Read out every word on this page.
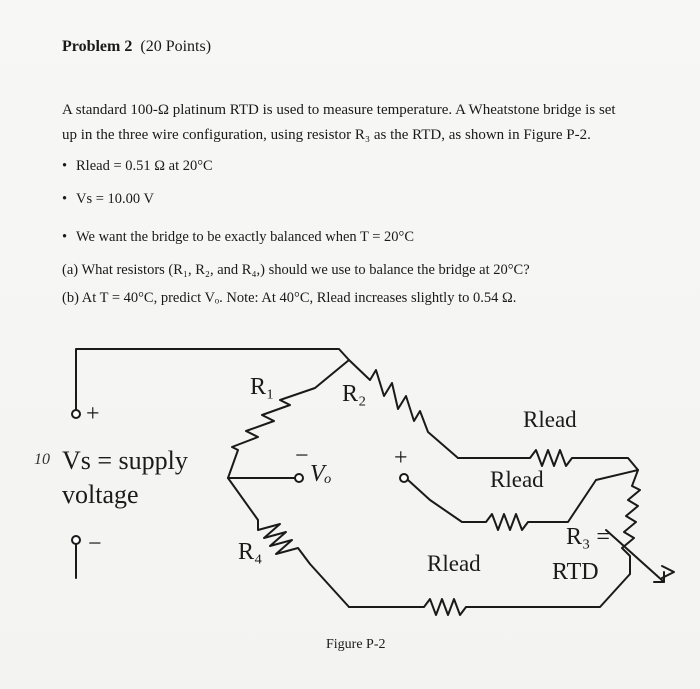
Problem 2 (20 Points)
A standard 100-Ω platinum RTD is used to measure temperature. A Wheatstone bridge is set
up in the three wire configuration, using resistor R₃ as the RTD, as shown in Figure P-2.
• Rlead = 0.51 Ω at 20°C
• Vs = 10.00 V
• We want the bridge to be exactly balanced when T = 20°C
(a) What resistors (R₁, R₂, and R₄,) should we use to balance the bridge at 20°C?
(b) At T = 40°C, predict Vₒ. Note: At 40°C, Rlead increases slightly to 0.54 Ω.
R₁	R₂
R₄
Rlead
Rlead
Rlead
R₃ =
RTD
+
−
10 Vs = supply
voltage
Vₒ
−	+
Figure P-2
